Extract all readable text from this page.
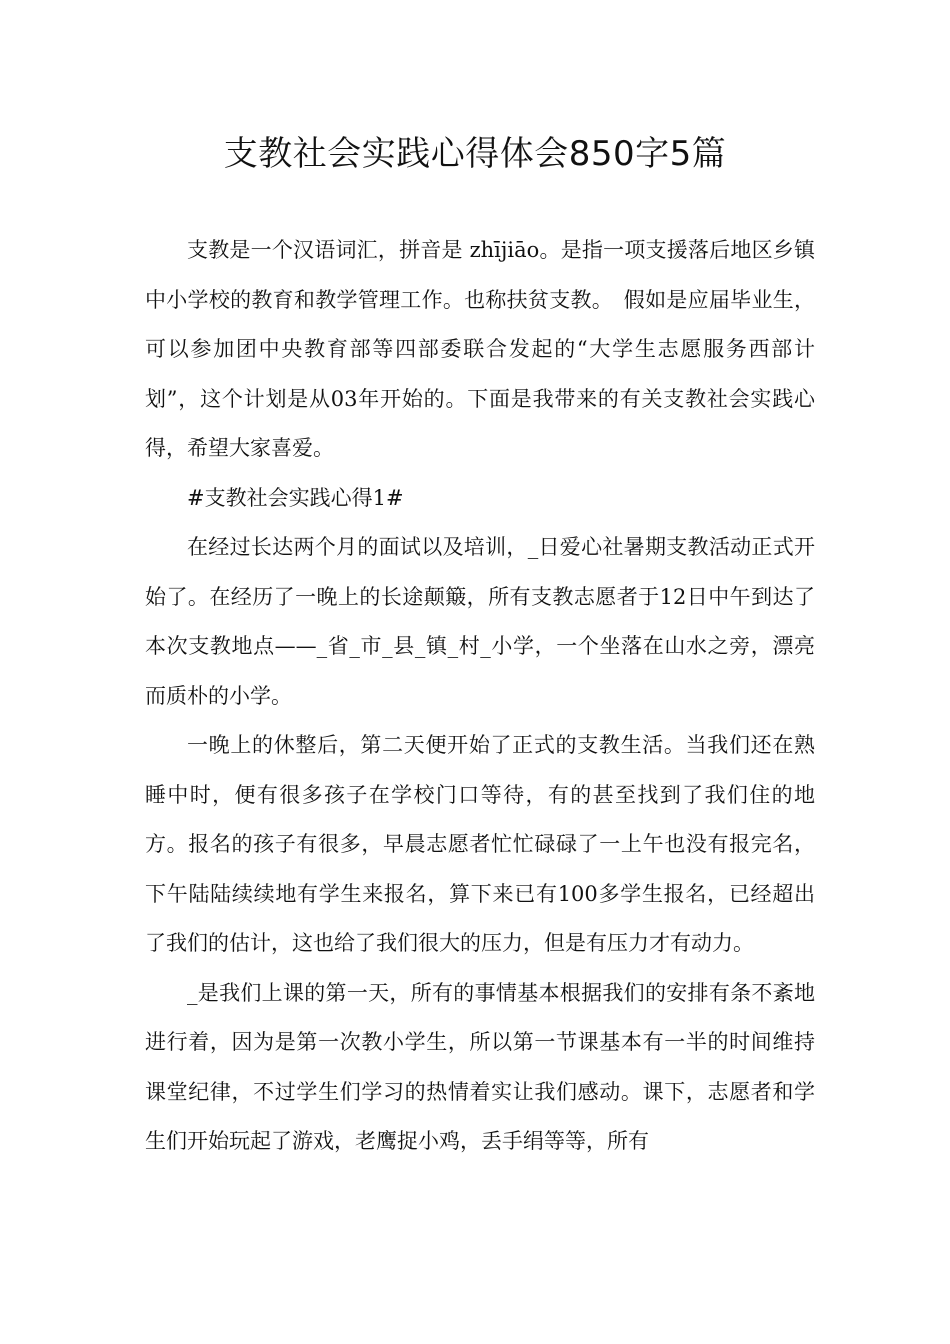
支教社会实践心得体会850字5篇

支教是一个汉语词汇，拼音是 zhījiāo。是指一项支援落后地区乡镇中小学校的教育和教学管理工作。也称扶贫支教。　假如是应届毕业生，可以参加团中央教育部等四部委联合发起的“大学生志愿服务西部计划”，这个计划是从03年开始的。下面是我带来的有关支教社会实践心得，希望大家喜爱。

#支教社会实践心得1#

在经过长达两个月的面试以及培训，_日爱心社暑期支教活动正式开始了。在经历了一晚上的长途颠簸，所有支教志愿者于12日中午到达了本次支教地点——_省_市_县_镇_村_小学，一个坐落在山水之旁，漂亮而质朴的小学。

一晚上的休整后，第二天便开始了正式的支教生活。当我们还在熟睡中时，便有很多孩子在学校门口等待，有的甚至找到了我们住的地方。报名的孩子有很多，早晨志愿者忙忙碌碌了一上午也没有报完名，下午陆陆续续地有学生来报名，算下来已有100多学生报名，已经超出了我们的估计，这也给了我们很大的压力，但是有压力才有动力。

_是我们上课的第一天，所有的事情基本根据我们的安排有条不紊地进行着，因为是第一次教小学生，所以第一节课基本有一半的时间维持课堂纪律，不过学生们学习的热情着实让我们感动。课下，志愿者和学生们开始玩起了游戏，老鹰捉小鸡，丢手绢等等，所有
